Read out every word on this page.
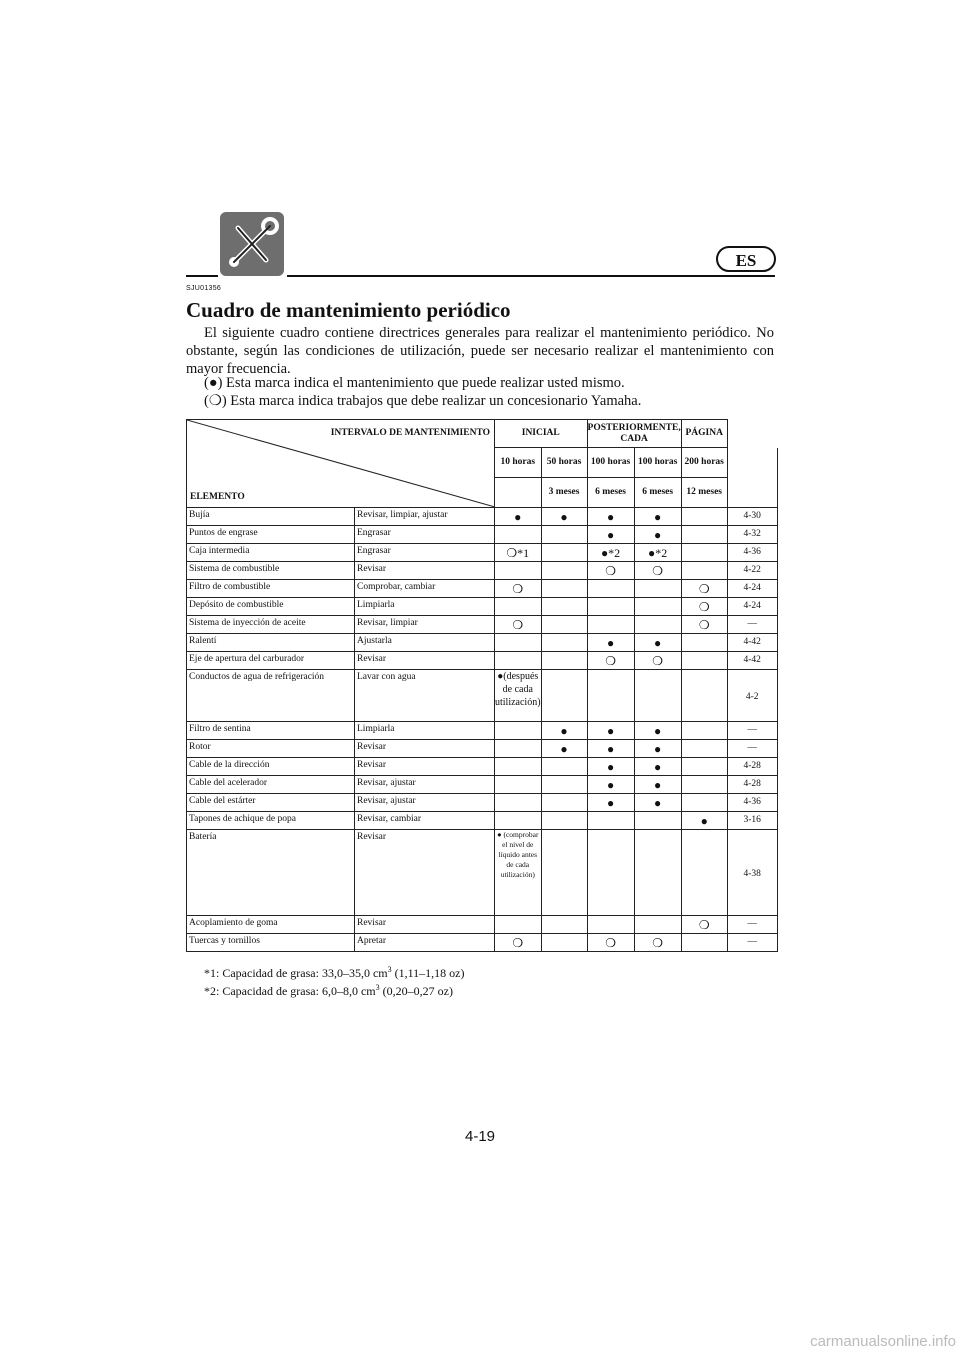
ES
SJU01356
Cuadro de mantenimiento periódico
El siguiente cuadro contiene directrices generales para realizar el mantenimiento periódico. No obstante, según las condiciones de utilización, puede ser necesario realizar el mantenimiento con mayor frecuencia.
(●) Esta marca indica el mantenimiento que puede realizar usted mismo.
(❍) Esta marca indica trabajos que debe realizar un concesionario Yamaha.
INTERVALO DE MANTENIMIENTO
ELEMENTO		INICIAL		POSTERIORMENTE, CADA		PÁGINA
		10 horas	50 horas	100 horas	100 horas	200 horas	
			3 meses	6 meses	6 meses	12 meses	
Bujía	Revisar, limpiar, ajustar	●	●	●	●		4-30
Puntos de engrase	Engrasar			●	●		4-32
Caja intermedia	Engrasar	❍*1		●*2	●*2		4-36
Sistema de combustible	Revisar			❍	❍		4-22
Filtro de combustible	Comprobar, cambiar	❍				❍	4-24
Depósito de combustible	Limpiarla					❍	4-24
Sistema de inyección de aceite	Revisar, limpiar	❍				❍	—
Ralentí	Ajustarla			●	●		4-42
Eje de apertura del carburador	Revisar			❍	❍		4-42
Conductos de agua de refrigeración	Lavar con agua	●(después de cada utilización)					4-2
Filtro de sentina	Limpiarla		●	●	●		—
Rotor	Revisar		●	●	●		—
Cable de la dirección	Revisar			●	●		4-28
Cable del acelerador	Revisar, ajustar			●	●		4-28
Cable del estárter	Revisar, ajustar			●	●		4-36
Tapones de achique de popa	Revisar, cambiar					●	3-16
Batería	Revisar	● (comprobar el nivel de líquido antes de cada utilización)					4-38
Acoplamiento de goma	Revisar					❍	—
Tuercas y tornillos	Apretar	❍		❍	❍		—
*1: Capacidad de grasa: 33,0–35,0 $cm^3$ (1,11–1,18 oz)
*2: Capacidad de grasa: 6,0–8,0 $cm^3$ (0,20–0,27 oz)
4-19
carmanualsonline.info
